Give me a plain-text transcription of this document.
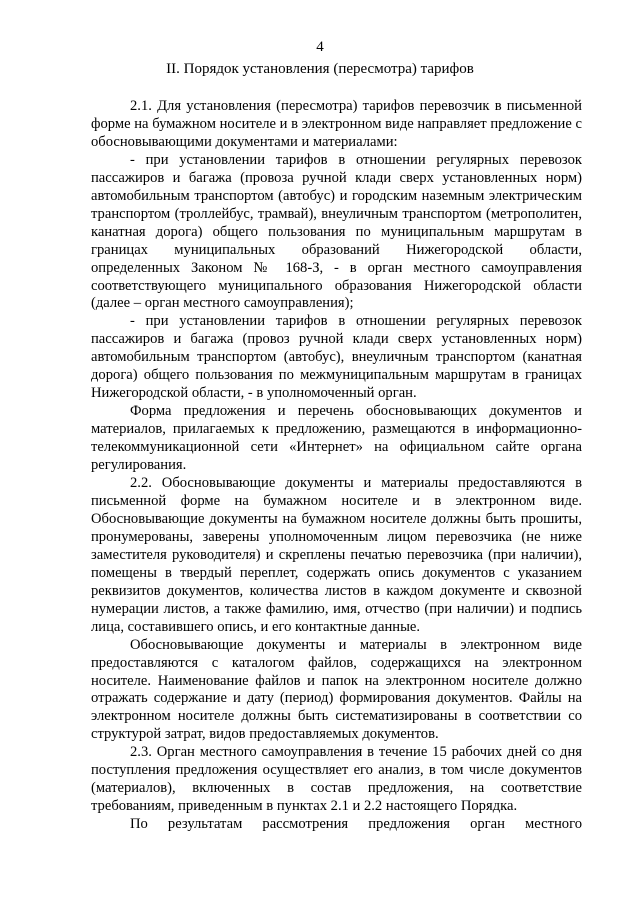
4
II. Порядок установления (пересмотра) тарифов

2.1. Для установления (пересмотра) тарифов перевозчик в письменной форме на бумажном носителе и в электронном виде направляет предложение с обосновывающими документами и материалами:

- при установлении тарифов в отношении регулярных перевозок пассажиров и багажа (провоза ручной клади сверх установленных норм) автомобильным транспортом (автобус) и городским наземным электрическим транспортом (троллейбус, трамвай), внеуличным транспортом (метрополитен, канатная дорога) общего пользования по муниципальным маршрутам в границах муниципальных образований Нижегородской области, определенных Законом № 168-З, - в орган местного самоуправления соответствующего муниципального образования Нижегородской области (далее – орган местного самоуправления);

- при установлении тарифов в отношении регулярных перевозок пассажиров и багажа (провоз ручной клади сверх установленных норм) автомобильным транспортом (автобус), внеуличным транспортом (канатная дорога) общего пользования по межмуниципальным маршрутам в границах Нижегородской области, - в уполномоченный орган.

Форма предложения и перечень обосновывающих документов и материалов, прилагаемых к предложению, размещаются в информационно-телекоммуникационной сети «Интернет» на официальном сайте органа регулирования.

2.2. Обосновывающие документы и материалы предоставляются в письменной форме на бумажном носителе и в электронном виде. Обосновывающие документы на бумажном носителе должны быть прошиты, пронумерованы, заверены уполномоченным лицом перевозчика (не ниже заместителя руководителя) и скреплены печатью перевозчика (при наличии), помещены в твердый переплет, содержать опись документов с указанием реквизитов документов, количества листов в каждом документе и сквозной нумерации листов, а также фамилию, имя, отчество (при наличии) и подпись лица, составившего опись, и его контактные данные.

Обосновывающие документы и материалы в электронном виде предоставляются с каталогом файлов, содержащихся на электронном носителе. Наименование файлов и папок на электронном носителе должно отражать содержание и дату (период) формирования документов. Файлы на электронном носителе должны быть систематизированы в соответствии со структурой затрат, видов предоставляемых документов.

2.3. Орган местного самоуправления в течение 15 рабочих дней со дня поступления предложения осуществляет его анализ, в том числе документов (материалов), включенных в состав предложения, на соответствие требованиям, приведенным в пунктах 2.1 и 2.2 настоящего Порядка.

По результатам рассмотрения предложения орган местного
